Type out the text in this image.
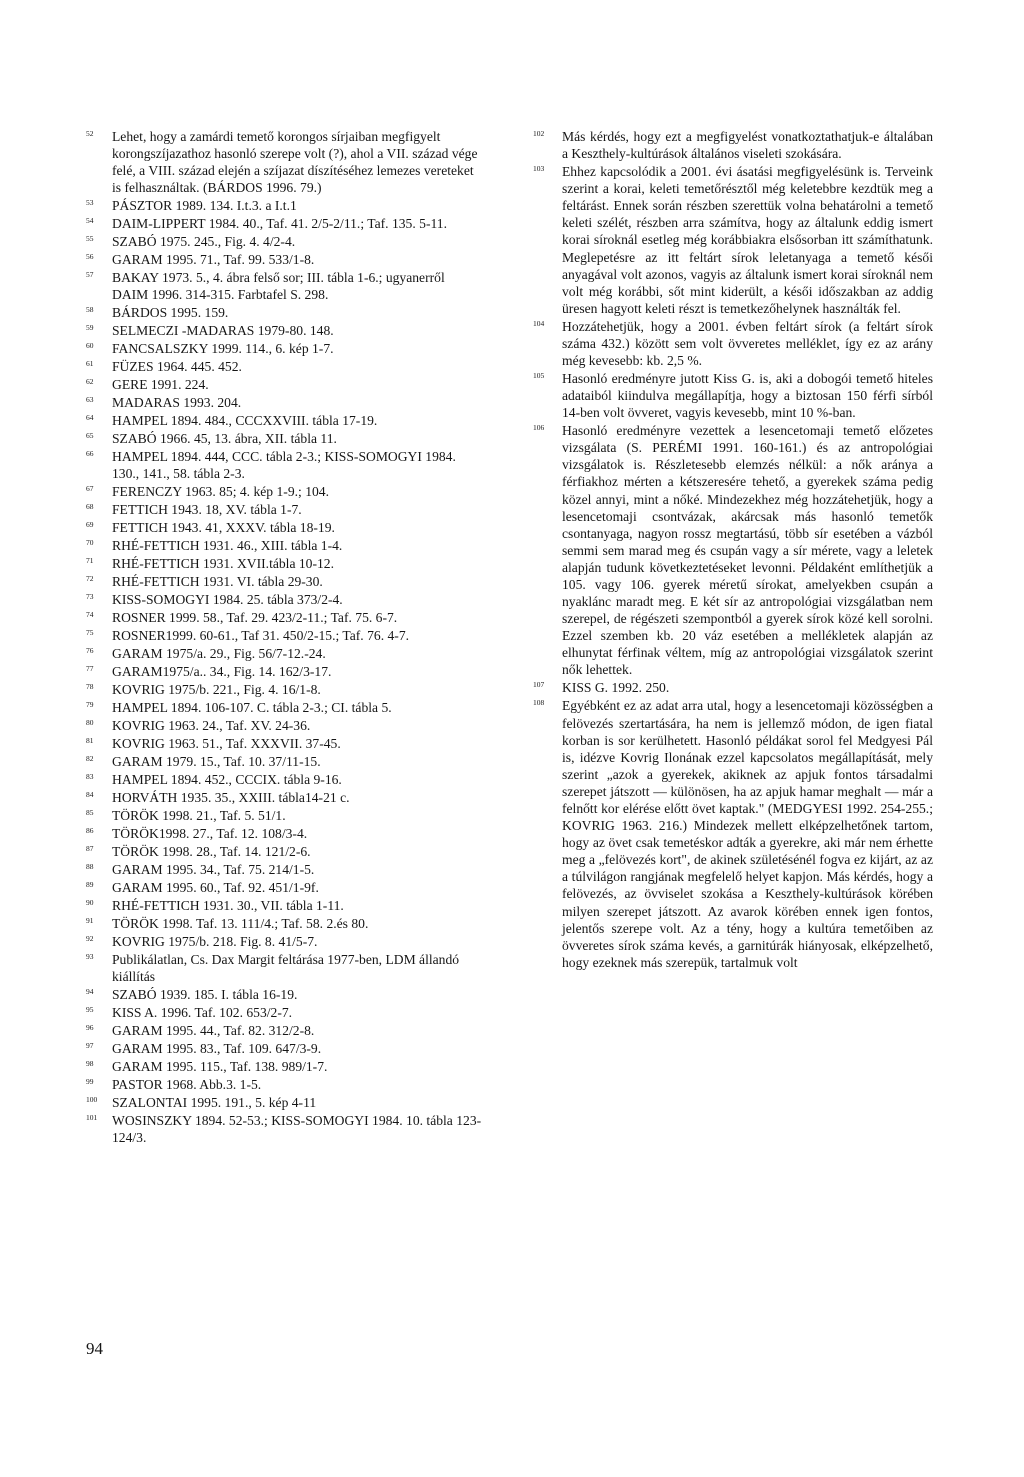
52 Lehet, hogy a zamárdi temető korongos sírjaiban megfigyelt korongszíjazathoz hasonló szerepe volt (?), ahol a VII. század vége felé, a VIII. század elején a szíjazat díszítéséhez lemezes vereteket is felhasználtak. (BÁRDOS 1996. 79.)
53 PÁSZTOR 1989. 134. I.t.3. a I.t.1
54 DAIM-LIPPERT 1984. 40., Taf. 41. 2/5-2/11.; Taf. 135. 5-11.
55 SZABÓ 1975. 245., Fig. 4. 4/2-4.
56 GARAM 1995. 71., Taf. 99. 533/1-8.
57 BAKAY 1973. 5., 4. ábra felső sor; III. tábla 1-6.; ugyanerről DAIM 1996. 314-315. Farbtafel S. 298.
58 BÁRDOS 1995. 159.
59 SELMECZI -MADARAS 1979-80. 148.
60 FANCSALSZKY 1999. 114., 6. kép 1-7.
61 FÜZES 1964. 445. 452.
62 GERE 1991. 224.
63 MADARAS 1993. 204.
64 HAMPEL 1894. 484., CCCXXVIII. tábla 17-19.
65 SZABÓ 1966. 45, 13. ábra, XII. tábla 11.
66 HAMPEL 1894. 444, CCC. tábla 2-3.; KISS-SOMOGYI 1984. 130., 141., 58. tábla 2-3.
67 FERENCZY 1963. 85; 4. kép 1-9.; 104.
68 FETTICH 1943. 18, XV. tábla 1-7.
69 FETTICH 1943. 41, XXXV. tábla 18-19.
70 RHÉ-FETTICH 1931. 46., XIII. tábla 1-4.
71 RHÉ-FETTICH 1931. XVII.tábla 10-12.
72 RHÉ-FETTICH 1931. VI. tábla 29-30.
73 KISS-SOMOGYI 1984. 25. tábla 373/2-4.
74 ROSNER 1999. 58., Taf. 29. 423/2-11.; Taf. 75. 6-7.
75 ROSNER1999. 60-61., Taf 31. 450/2-15.; Taf. 76. 4-7.
76 GARAM 1975/a. 29., Fig. 56/7-12.-24.
77 GARAM1975/a.. 34., Fig. 14. 162/3-17.
78 KOVRIG 1975/b. 221., Fig. 4. 16/1-8.
79 HAMPEL 1894. 106-107. C. tábla 2-3.; CI. tábla 5.
80 KOVRIG 1963. 24., Taf. XV. 24-36.
81 KOVRIG 1963. 51., Taf. XXXVII. 37-45.
82 GARAM 1979. 15., Taf. 10. 37/11-15.
83 HAMPEL 1894. 452., CCCIX. tábla 9-16.
84 HORVÁTH 1935. 35., XXIII. tábla14-21 c.
85 TÖRÖK 1998. 21., Taf. 5. 51/1.
86 TÖRÖK1998. 27., Taf. 12. 108/3-4.
87 TÖRÖK 1998. 28., Taf. 14. 121/2-6.
88 GARAM 1995. 34., Taf. 75. 214/1-5.
89 GARAM 1995. 60., Taf. 92. 451/1-9f.
90 RHÉ-FETTICH 1931. 30., VII. tábla 1-11.
91 TÖRÖK 1998. Taf. 13. 111/4.; Taf. 58. 2.és 80.
92 KOVRIG 1975/b. 218. Fig. 8. 41/5-7.
93 Publikálatlan, Cs. Dax Margit feltárása 1977-ben, LDM állandó kiállítás
94 SZABÓ 1939. 185. I. tábla 16-19.
95 KISS A. 1996. Taf. 102. 653/2-7.
96 GARAM 1995. 44., Taf. 82. 312/2-8.
97 GARAM 1995. 83., Taf. 109. 647/3-9.
98 GARAM 1995. 115., Taf. 138. 989/1-7.
99 PASTOR 1968. Abb.3. 1-5.
100 SZALONTAI 1995. 191., 5. kép 4-11
101 WOSINSZKY 1894. 52-53.; KISS-SOMOGYI 1984. 10. tábla 123-124/3.
102 Más kérdés, hogy ezt a megfigyelést vonatkoztathatjuk-e általában a Keszthely-kultúrások általános viseleti szokására.
103 Ehhez kapcsolódik a 2001. évi ásatási megfigyelésünk is. Terveink szerint a korai, keleti temetőrésztől még keletebbre kezdtük meg a feltárást. Ennek során részben szerettük volna behatárolni a temető keleti szélét, részben arra számítva, hogy az általunk eddig ismert korai síroknál esetleg még korábbiakra elsősorban itt számíthatunk. Meglepetésre az itt feltárt sírok leletanyaga a temető késői anyagával volt azonos, vagyis az általunk ismert korai síroknál nem volt még korábbi, sőt mint kiderült, a késői időszakban az addig üresen hagyott keleti részt is temetkezőhelynek használták fel.
104 Hozzátehetjük, hogy a 2001. évben feltárt sírok (a feltárt sírok száma 432.) között sem volt övveretes melléklet, így ez az arány még kevesebb: kb. 2,5 %.
105 Hasonló eredményre jutott Kiss G. is, aki a dobogói temető hiteles adataiból kiindulva megállapítja, hogy a biztosan 150 férfi sírból 14-ben volt övveret, vagyis kevesebb, mint 10 %-ban.
106 Hasonló eredményre vezettek a lesencetomaji temető előzetes vizsgálata (S. PERÉMI 1991. 160-161.) és az antropológiai vizsgálatok is. Részletesebb elemzés nélkül: a nők aránya a férfiakhoz mérten a kétszeresére tehető, a gyerekek száma pedig közel annyi, mint a nőké. Mindezekhez még hozzátehetjük, hogy a lesencetomaji csontvázak, akárcsak más hasonló temetők csontanyaga, nagyon rossz megtartású, több sír esetében a vázból semmi sem marad meg és csupán vagy a sír mérete, vagy a leletek alapján tudunk következtetéseket levonni. Példaként említhetjük a 105. vagy 106. gyerek méretű sírokat, amelyekben csupán a nyaklánc maradt meg. E két sír az antropológiai vizsgálatban nem szerepel, de régészeti szempontból a gyerek sírok közé kell sorolni. Ezzel szemben kb. 20 váz esetében a mellékletek alapján az elhunytat férfinak véltem, míg az antropológiai vizsgálatok szerint nők lehettek.
107 KISS G. 1992. 250.
108 Egyébként ez az adat arra utal, hogy a lesencetomaji közösségben a felövezés szertartására, ha nem is jellemző módon, de igen fiatal korban is sor kerülhetett. Hasonló példákat sorol fel Medgyesi Pál is, idézve Kovrig Ilonának ezzel kapcsolatos megállapítását, mely szerint „azok a gyerekek, akiknek az apjuk fontos társadalmi szerepet játszott — különösen, ha az apjuk hamar meghalt — már a felnőtt kor elérése előtt övet kaptak." (MEDGYESI 1992. 254-255.; KOVRIG 1963. 216.) Mindezek mellett elképzelhetőnek tartom, hogy az övet csak temetéskor adták a gyerekre, aki már nem érhette meg a „felövezés kort", de akinek születésénél fogva ez kijárt, az az a túlvilágon rangjának megfelelő helyet kapjon. Más kérdés, hogy a felövezés, az övviselet szokása a Keszthely-kultúrások körében milyen szerepet játszott. Az avarok körében ennek igen fontos, jelentős szerepe volt. Az a tény, hogy a kultúra temetőiben az övveretes sírok száma kevés, a garnitúrák hiányosak, elképzelhető, hogy ezeknek más szerepük, tartalmuk volt
94
